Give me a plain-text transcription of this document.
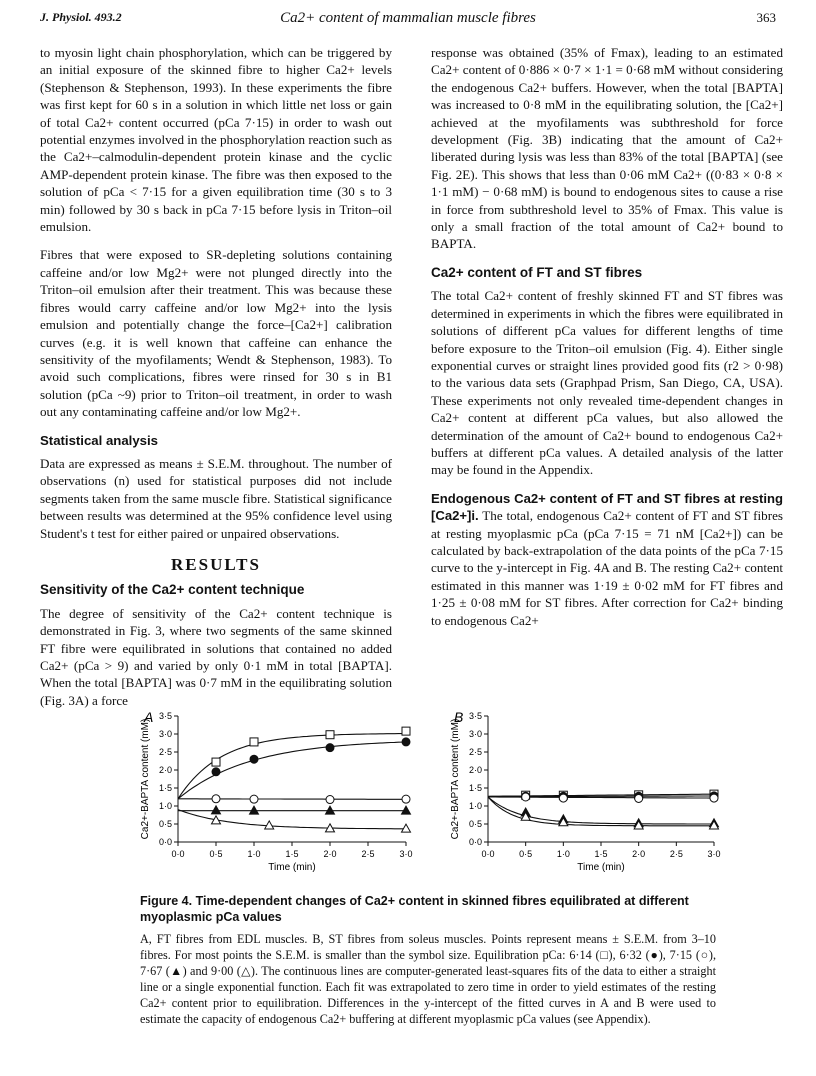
J. Physiol. 493.2	Ca2+ content of mammalian muscle fibres	363

to myosin light chain phosphorylation, which can be triggered by an initial exposure of the skinned fibre to higher Ca2+ levels (Stephenson & Stephenson, 1993). In these experiments the fibre was first kept for 60 s in a solution in which little net loss or gain of total Ca2+ content occurred (pCa 7·15) in order to wash out potential enzymes involved in the phosphorylation reaction such as the Ca2+–calmodulin-dependent protein kinase and the cyclic AMP-dependent protein kinase. The fibre was then exposed to the solution of pCa < 7·15 for a given equilibration time (30 s to 3 min) followed by 30 s back in pCa 7·15 before lysis in Triton–oil emulsion.

Fibres that were exposed to SR-depleting solutions containing caffeine and/or low Mg2+ were not plunged directly into the Triton–oil emulsion after their treatment. This was because these fibres would carry caffeine and/or low Mg2+ into the lysis emulsion and potentially change the force–[Ca2+] calibration curves (e.g. it is well known that caffeine can enhance the sensitivity of the myofilaments; Wendt & Stephenson, 1983). To avoid such complications, fibres were rinsed for 30 s in B1 solution (pCa ~9) prior to Triton–oil treatment, in order to wash out any contaminating caffeine and/or low Mg2+.

Statistical analysis

Data are expressed as means ± S.E.M. throughout. The number of observations (n) used for statistical purposes did not include segments taken from the same muscle fibre. Statistical significance between results was determined at the 95% confidence level using Student's t test for either paired or unpaired observations.

RESULTS
Sensitivity of the Ca2+ content technique

The degree of sensitivity of the Ca2+ content technique is demonstrated in Fig. 3, where two segments of the same skinned FT fibre were equilibrated in solutions that contained no added Ca2+ (pCa > 9) and varied by only 0·1 mM in total [BAPTA]. When the total [BAPTA] was 0·7 mM in the equilibrating solution (Fig. 3A) a force

response was obtained (35% of Fmax), leading to an estimated Ca2+ content of 0·886 × 0·7 × 1·1 = 0·68 mM without considering the endogenous Ca2+ buffers. However, when the total [BAPTA] was increased to 0·8 mM in the equilibrating solution, the [Ca2+] achieved at the myofilaments was subthreshold for force development (Fig. 3B) indicating that the amount of Ca2+ liberated during lysis was less than 83% of the total [BAPTA] (see Fig. 2E). This shows that less than 0·06 mM Ca2+ ((0·83 × 0·8 × 1·1 mM) − 0·68 mM) is bound to endogenous sites to cause a rise in force from subthreshold level to 35% of Fmax. This value is only a small fraction of the total amount of Ca2+ bound to BAPTA.

Ca2+ content of FT and ST fibres

The total Ca2+ content of freshly skinned FT and ST fibres was determined in experiments in which the fibres were equilibrated in solutions of different pCa values for different lengths of time before exposure to the Triton–oil emulsion (Fig. 4). Either single exponential curves or straight lines provided good fits (r2 > 0·98) to the various data sets (Graphpad Prism, San Diego, CA, USA). These experiments not only revealed time-dependent changes in Ca2+ content at different pCa values, but also allowed the determination of the amount of Ca2+ bound to endogenous Ca2+ buffers at different pCa values. A detailed analysis of the latter may be found in the Appendix.

Endogenous Ca2+ content of FT and ST fibres at resting [Ca2+]i. The total, endogenous Ca2+ content of FT and ST fibres at resting myoplasmic pCa (pCa 7·15 = 71 nM [Ca2+]) can be calculated by back-extrapolation of the data points of the pCa 7·15 curve to the y-intercept in Fig. 4A and B. The resting Ca2+ content estimated in this manner was 1·19 ± 0·02 mM for FT fibres and 1·25 ± 0·08 mM for ST fibres. After correction for Ca2+ binding to endogenous Ca2+

A
0·0
0·5
1·0
1·5
2·0
2·5
3·0
3·5
0·0	0·5	1·0	1·5	2·0	2·5	3·0
Time (min)
Ca2+-BAPTA content (mM)
B
0·0
0·5
1·0
1·5
2·0
2·5
3·0
3·5
0·0	0·5	1·0	1·5	2·0	2·5	3·0
Time (min)
Ca2+-BAPTA content (mM)
Figure 4. Time-dependent changes of Ca2+ content in skinned fibres equilibrated at different myoplasmic pCa values
A, FT fibres from EDL muscles. B, ST fibres from soleus muscles. Points represent means ± S.E.M. from 3–10 fibres. For most points the S.E.M. is smaller than the symbol size. Equilibration pCa: 6·14 (□), 6·32 (●), 7·15 (○), 7·67 (▲) and 9·00 (△). The continuous lines are computer-generated least-squares fits of the data to either a straight line or a single exponential function. Each fit was extrapolated to zero time in order to yield estimates of the resting Ca2+ content prior to equilibration. Differences in the y-intercept of the fitted curves in A and B were used to estimate the capacity of endogenous Ca2+ buffering at different myoplasmic pCa values (see Appendix).
